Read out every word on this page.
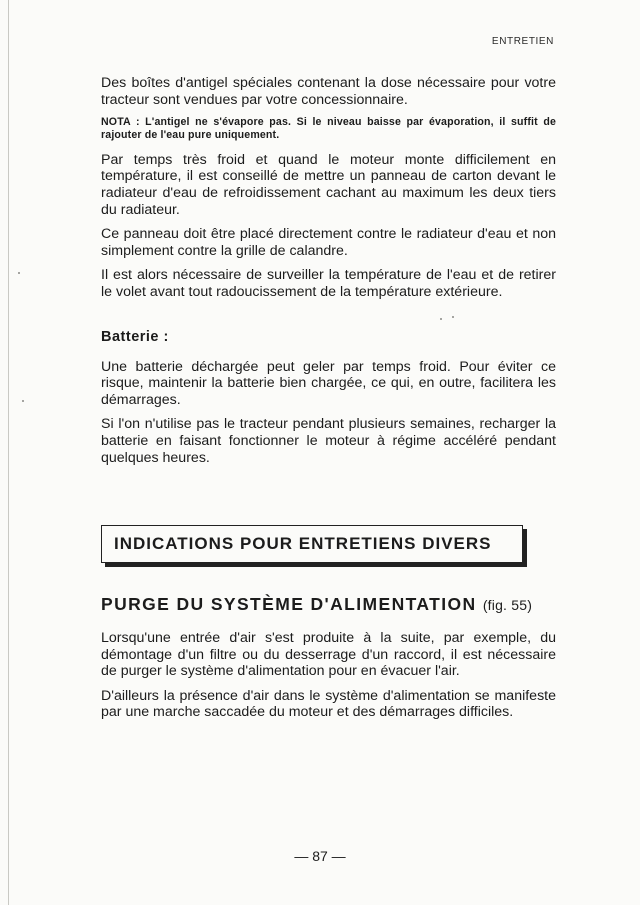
ENTRETIEN

Des boîtes d'antigel spéciales contenant la dose nécessaire pour votre tracteur sont vendues par votre concessionnaire.

NOTA : L'antigel ne s'évapore pas. Si le niveau baisse par évaporation, il suffit de rajouter de l'eau pure uniquement.

Par temps très froid et quand le moteur monte difficilement en température, il est conseillé de mettre un panneau de carton devant le radiateur d'eau de refroidissement cachant au maximum les deux tiers du radiateur.

Ce panneau doit être placé directement contre le radiateur d'eau et non simplement contre la grille de calandre.

Il est alors nécessaire de surveiller la température de l'eau et de retirer le volet avant tout radoucissement de la température extérieure.

Batterie :

Une batterie déchargée peut geler par temps froid. Pour éviter ce risque, maintenir la batterie bien chargée, ce qui, en outre, facilitera les démarrages.

Si l'on n'utilise pas le tracteur pendant plusieurs semaines, recharger la batterie en faisant fonctionner le moteur à régime accéléré pendant quelques heures.

INDICATIONS POUR ENTRETIENS DIVERS
PURGE DU SYSTÈME D'ALIMENTATION (fig. 55)

Lorsqu'une entrée d'air s'est produite à la suite, par exemple, du démontage d'un filtre ou du desserrage d'un raccord, il est nécessaire de purger le système d'alimentation pour en évacuer l'air.

D'ailleurs la présence d'air dans le système d'alimentation se manifeste par une marche saccadée du moteur et des démarrages difficiles.

— 87 —
